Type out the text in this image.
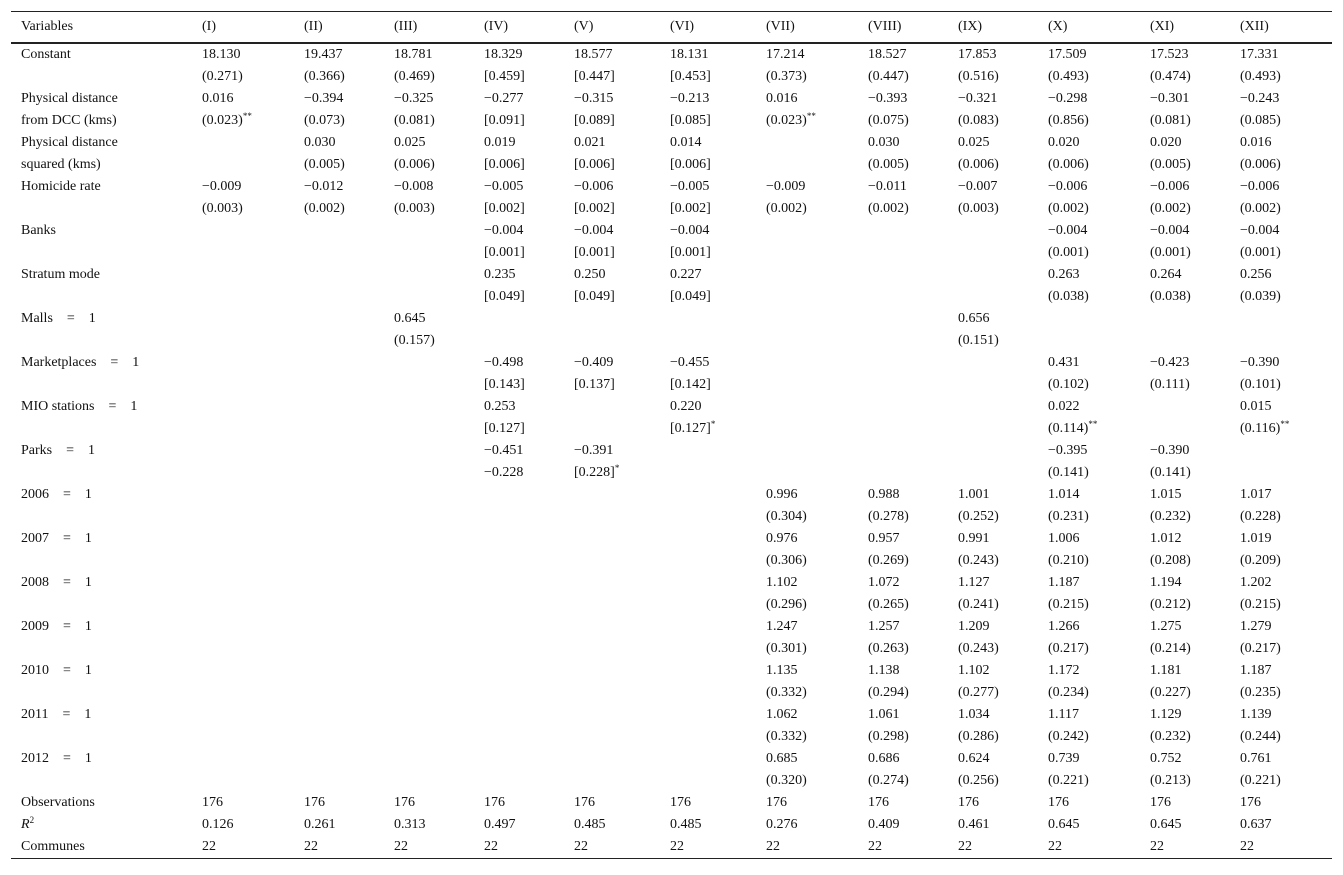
Variables	(I)	(II)	(III)	(IV)	(V)	(VI)	(VII)	(VIII)	(IX)	(X)	(XI)	(XII)
Constant	18.130	19.437	18.781	18.329	18.577	18.131	17.214	18.527	17.853	17.509	17.523	17.331
	(0.271)	(0.366)	(0.469)	[0.459]	[0.447]	[0.453]	(0.373)	(0.447)	(0.516)	(0.493)	(0.474)	(0.493)
Physical distance	0.016	−0.394	−0.325	−0.277	−0.315	−0.213	0.016	−0.393	−0.321	−0.298	−0.301	−0.243
from DCC (kms)	(0.023)**	(0.073)	(0.081)	[0.091]	[0.089]	[0.085]	(0.023)**	(0.075)	(0.083)	(0.856)	(0.081)	(0.085)
Physical distance		0.030	0.025	0.019	0.021	0.014		0.030	0.025	0.020	0.020	0.016
squared (kms)		(0.005)	(0.006)	[0.006]	[0.006]	[0.006]		(0.005)	(0.006)	(0.006)	(0.005)	(0.006)
Homicide rate	−0.009	−0.012	−0.008	−0.005	−0.006	−0.005	−0.009	−0.011	−0.007	−0.006	−0.006	−0.006
	(0.003)	(0.002)	(0.003)	[0.002]	[0.002]	[0.002]	(0.002)	(0.002)	(0.003)	(0.002)	(0.002)	(0.002)
Banks				−0.004	−0.004	−0.004				−0.004	−0.004	−0.004
				[0.001]	[0.001]	[0.001]				(0.001)	(0.001)	(0.001)
Stratum mode				0.235	0.250	0.227				0.263	0.264	0.256
				[0.049]	[0.049]	[0.049]				(0.038)	(0.038)	(0.039)
Malls = 1			0.645						0.656			
			(0.157)						(0.151)			
Marketplaces = 1				−0.498	−0.409	−0.455				0.431	−0.423	−0.390
				[0.143]	[0.137]	[0.142]				(0.102)	(0.111)	(0.101)
MIO stations = 1				0.253		0.220				0.022		0.015
				[0.127]		[0.127]*				(0.114)**		(0.116)**
Parks = 1				−0.451	−0.391					−0.395	−0.390	
				−0.228	[0.228]*					(0.141)	(0.141)	
2006 = 1							0.996	0.988	1.001	1.014	1.015	1.017
							(0.304)	(0.278)	(0.252)	(0.231)	(0.232)	(0.228)
2007 = 1							0.976	0.957	0.991	1.006	1.012	1.019
							(0.306)	(0.269)	(0.243)	(0.210)	(0.208)	(0.209)
2008 = 1							1.102	1.072	1.127	1.187	1.194	1.202
							(0.296)	(0.265)	(0.241)	(0.215)	(0.212)	(0.215)
2009 = 1							1.247	1.257	1.209	1.266	1.275	1.279
							(0.301)	(0.263)	(0.243)	(0.217)	(0.214)	(0.217)
2010 = 1							1.135	1.138	1.102	1.172	1.181	1.187
							(0.332)	(0.294)	(0.277)	(0.234)	(0.227)	(0.235)
2011 = 1							1.062	1.061	1.034	1.117	1.129	1.139
							(0.332)	(0.298)	(0.286)	(0.242)	(0.232)	(0.244)
2012 = 1							0.685	0.686	0.624	0.739	0.752	0.761
							(0.320)	(0.274)	(0.256)	(0.221)	(0.213)	(0.221)
Observations	176	176	176	176	176	176	176	176	176	176	176	176
$R^2$	0.126	0.261	0.313	0.497	0.485	0.485	0.276	0.409	0.461	0.645	0.645	0.637
Communes	22	22	22	22	22	22	22	22	22	22	22	22
